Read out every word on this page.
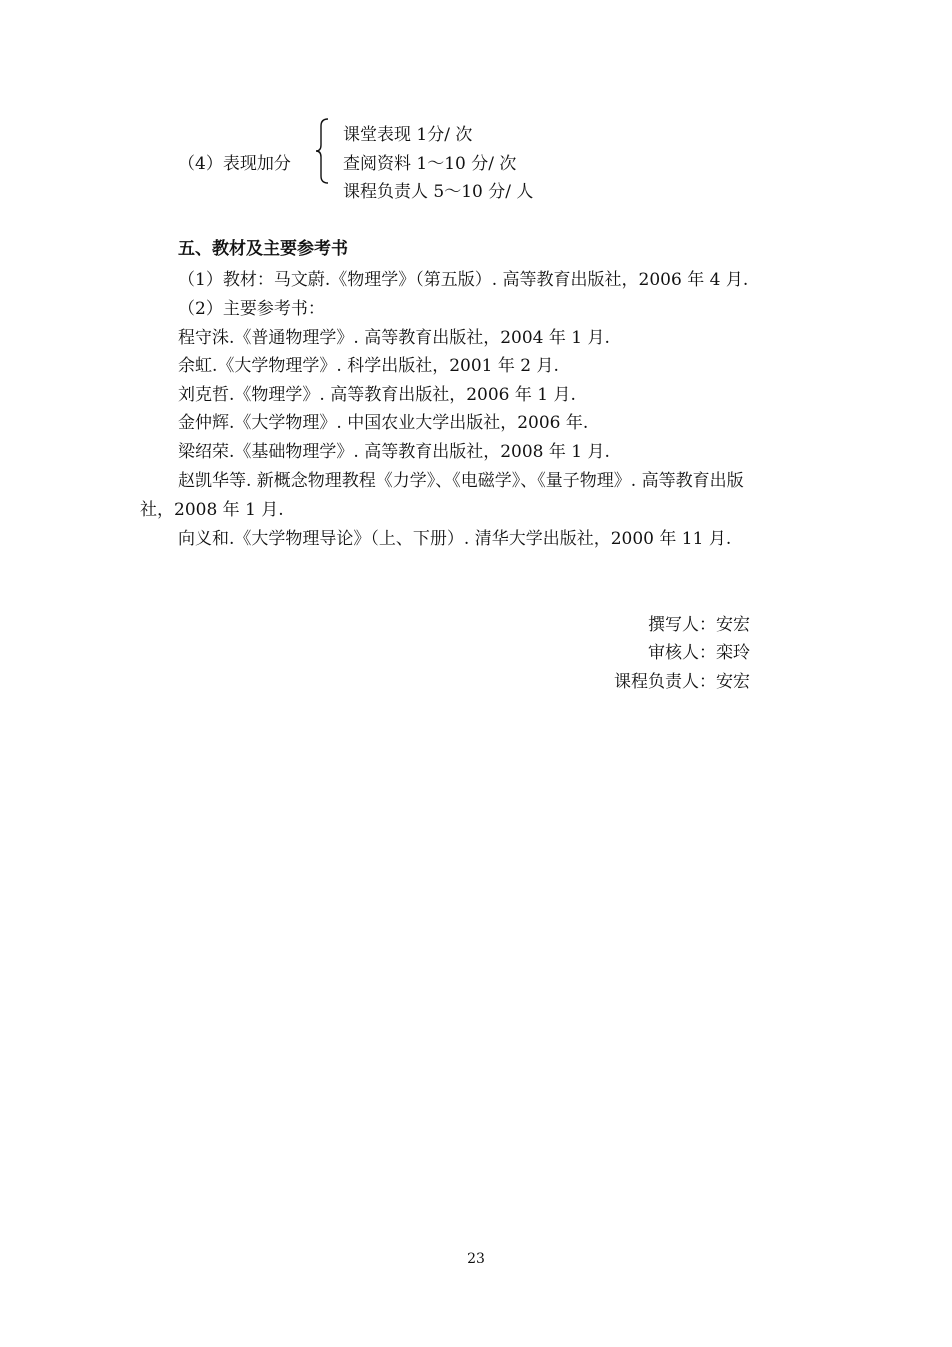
（4）表现加分
课堂表现 1分/ 次
查阅资料 1～10 分/ 次
课程负责人 5～10 分/ 人
五、教材及主要参考书
（1）教材：马文蔚.《物理学》（第五版）. 高等教育出版社，2006 年 4 月.
（2）主要参考书：
程守洙.《普通物理学》. 高等教育出版社，2004 年 1 月.
余虹.《大学物理学》. 科学出版社，2001 年 2 月.
刘克哲.《物理学》. 高等教育出版社，2006 年 1 月.
金仲辉.《大学物理》. 中国农业大学出版社，2006 年.
梁绍荣.《基础物理学》. 高等教育出版社，2008 年 1 月.
赵凯华等. 新概念物理教程《力学》、《电磁学》、《量子物理》. 高等教育出版
社，2008 年 1 月.
向义和.《大学物理导论》（上、下册）. 清华大学出版社，2000 年 11 月.
撰写人：安宏
审核人：栾玲
课程负责人：安宏
23
